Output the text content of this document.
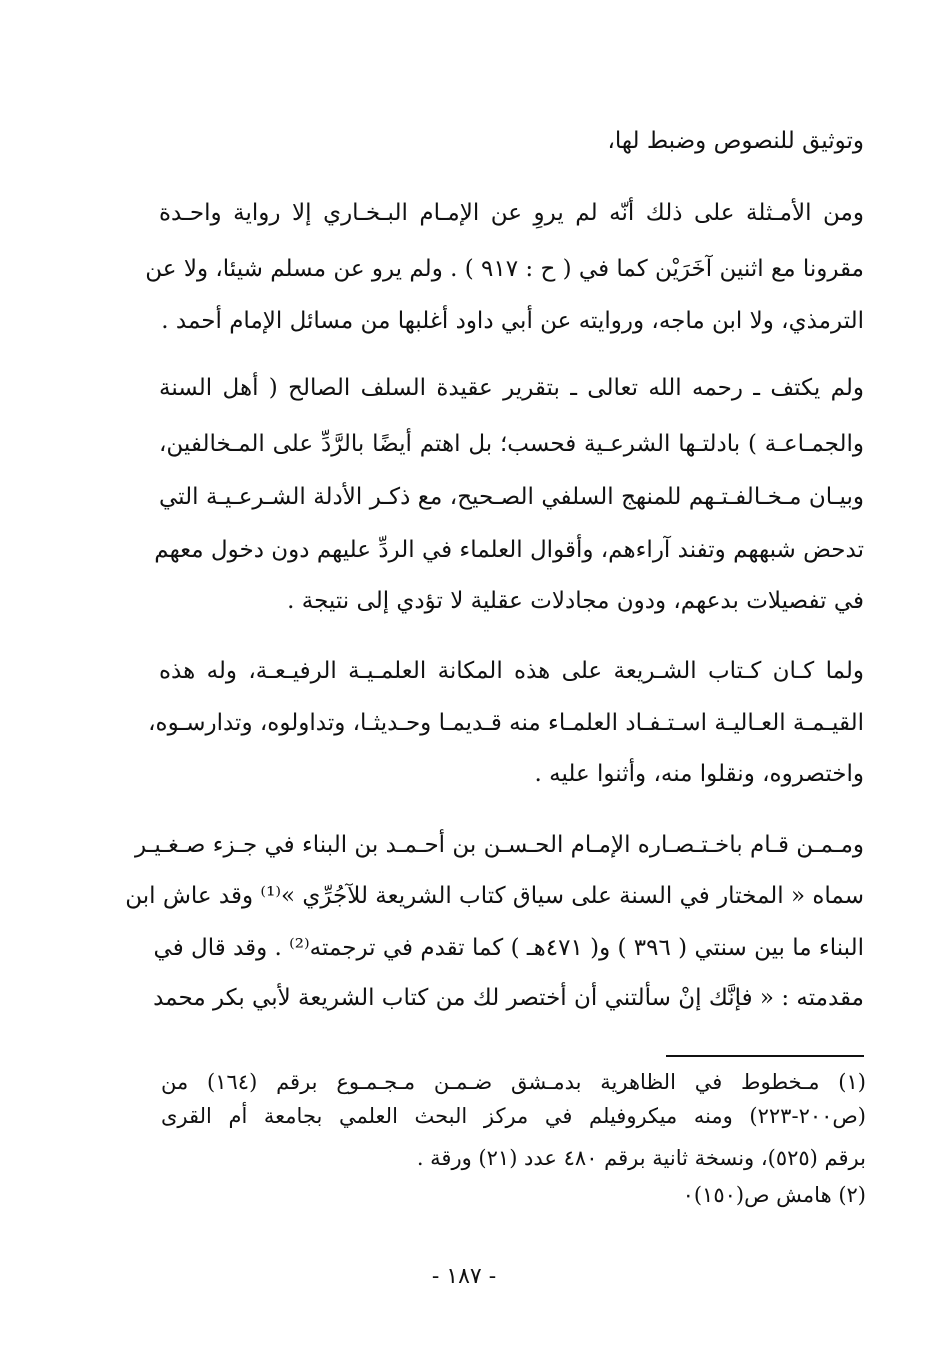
وتوثيق للنصوص وضبط لها،
ومن الأمـثلة على ذلك أنّه لم يروِ عن الإمـام البـخـاري إلا رواية واحـدة
مقرونا مع اثنين آخَرَيْن كما في ( ح : ٩١٧ ) . ولم يرو عن مسلم شيئا، ولا عن
الترمذي، ولا ابن ماجه، وروايته عن أبي داود أغلبها من مسائل الإمام أحمد .
ولم يكتف ـ رحمه الله تعالى ـ بتقرير عقيدة السلف الصالح ( أهل السنة
والجمـاعـة ) بادلتـها الشرعـية فحسب؛ بل اهتم أيضًا بالرَّدِّ على المـخالفين،
وبيـان مـخـالفـتـهم للمنهج السلفي الصـحيح، مع ذكـر الأدلة الشـرعـيـة التي
تدحض شبههم وتفند آراءهم، وأقوال العلماء في الردِّ عليهم دون دخول معهم
في تفصيلات بدعهم، ودون مجادلات عقلية لا تؤدي إلى نتيجة .
ولما كـان كـتاب الشـريعة على هذه المكانة العلمـيـة الرفيـعـة، وله هذه
القيـمـة العـاليـة اسـتـفـاد العلمـاء منه قـديمـا وحـديثـا، وتداولوه، وتدارسـوه،
واختصروه، ونقلوا منه، وأثنوا عليه .
ومـمـن قـام باخـتـصـاره الإمـام الحـسـن بن أحـمـد بن البناء في جـزء صـغـيـر
سماه « المختار في السنة على سياق كتاب الشريعة للآجُرِّي »⁽¹⁾ وقد عاش ابن
البناء ما بين سنتي ( ٣٩٦ ) و( ٤٧١هـ ) كما تقدم في ترجمته⁽²⁾ . وقد قال في
مقدمته : « فإنَّك إنْ سألتني أن أختصر لك من كتاب الشريعة لأبي بكر محمد
(١) مـخطوط في الظاهرية بدمـشق ضـمـن مـجـمـوع برقم (١٦٤) من
(ص٢٠٠-٢٢٣) ومنه ميكروفيلم في مركز البحث العلمي بجامعة أم القرى
برقم (٥٢٥)، ونسخة ثانية برقم ٤٨٠ عدد (٢١) ورقة .
(٢) هامش ص(١٥٠)٠
- ١٨٧ -
